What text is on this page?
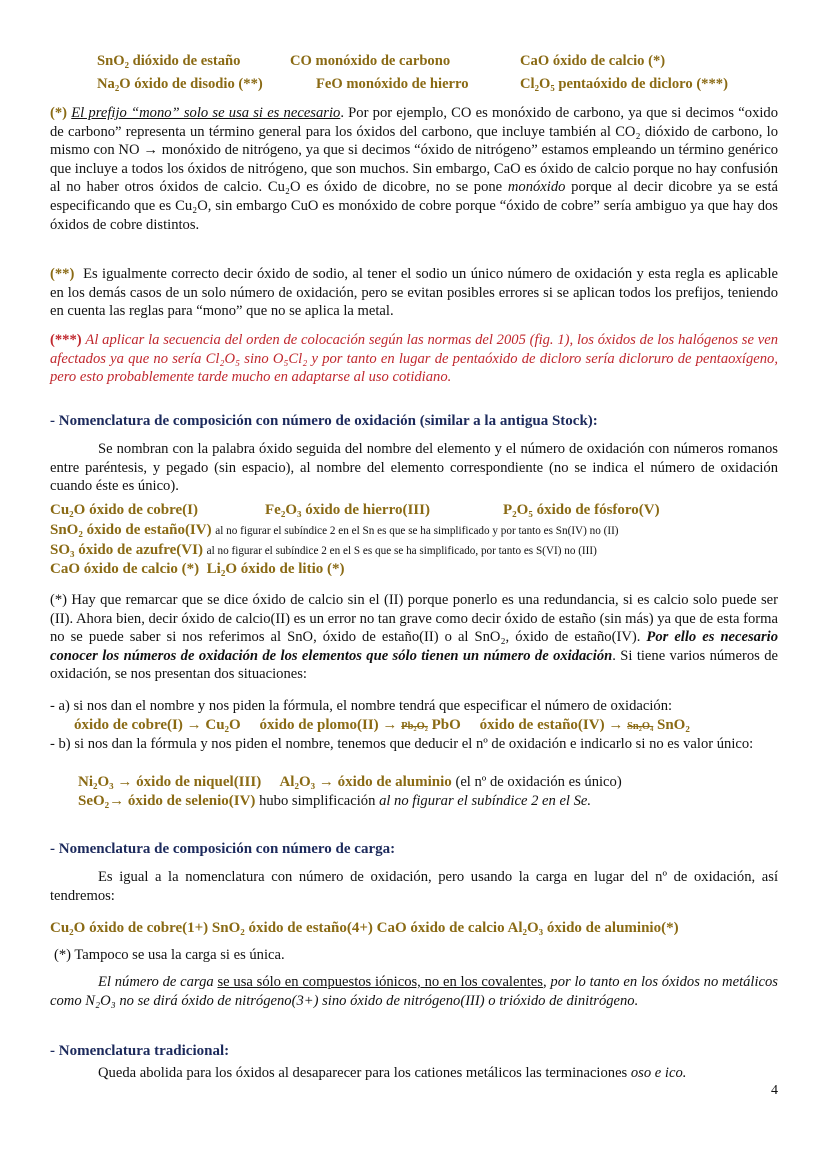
SnO₂ dióxido de estaño	CO monóxido de carbono	CaO óxido de calcio (*)
Na₂O óxido de disodio (**)	FeO monóxido de hierro	Cl₂O₅ pentaóxido de dicloro (***)
(*) El prefijo “mono” solo se usa si es necesario. Por por ejemplo, CO es monóxido de carbono, ya que si decimos “oxido de carbono” representa un término general para los óxidos del carbono, que incluye también al CO₂ dióxido de carbono, lo mismo con NO → monóxido de nitrógeno, ya que si decimos “óxido de nitrógeno” estamos empleando un término genérico que incluye a todos los óxidos de nitrógeno, que son muchos. Sin embargo, CaO es óxido de calcio porque no hay confusión al no haber otros óxidos de calcio. Cu₂O es óxido de dicobre, no se pone monóxido porque al decir dicobre ya se está especificando que es Cu₂O, sin embargo CuO es monóxido de cobre porque “óxido de cobre” sería ambiguo ya que hay dos óxidos de cobre distintos.
(**) Es igualmente correcto decir óxido de sodio, al tener el sodio un único número de oxidación y esta regla es aplicable en los demás casos de un solo número de oxidación, pero se evitan posibles errores si se aplican todos los prefijos, teniendo en cuenta las reglas para “mono” que no se aplica la metal.
(***) Al aplicar la secuencia del orden de colocación según las normas del 2005 (fig. 1), los óxidos de los halógenos se ven afectados ya que no sería Cl₂O₅ sino O₅Cl₂ y por tanto en lugar de pentaóxido de dicloro sería dicloruro de pentaoxígeno, pero esto probablemente tarde mucho en adaptarse al uso cotidiano.
- Nomenclatura de composición con número de oxidación (similar a la antigua Stock):
Se nombran con la palabra óxido seguida del nombre del elemento y el número de oxidación con números romanos entre paréntesis, y pegado (sin espacio), al nombre del elemento correspondiente (no se indica el número de oxidación cuando éste es único).
Cu₂O óxido de cobre(I)	Fe₂O₃ óxido de hierro(III)	P₂O₅ óxido de fósforo(V)
SnO₂ óxido de estaño(IV) al no figurar el subíndice 2 en el Sn es que se ha simplificado y por tanto es Sn(IV) no (II)
SO₃ óxido de azufre(VI) al no figurar el subíndice 2 en el S es que se ha simplificado, por tanto es S(VI) no (III)
CaO óxido de calcio (*) Li₂O óxido de litio (*)
(*) Hay que remarcar que se dice óxido de calcio sin el (II) porque ponerlo es una redundancia, si es calcio solo puede ser (II). Ahora bien, decir óxido de calcio(II) es un error no tan grave como decir óxido de estaño (sin más) ya que de esta forma no se puede saber si nos referimos al SnO, óxido de estaño(II) o al SnO₂, óxido de estaño(IV). Por ello es necesario conocer los números de oxidación de los elementos que sólo tienen un número de oxidación. Si tiene varios números de oxidación, se nos presentan dos situaciones:
- a) si nos dan el nombre y nos piden la fórmula, el nombre tendrá que especificar el número de oxidación:
óxido de cobre(I) → Cu₂O óxido de plomo(II) → Pb₂O₂ PbO óxido de estaño(IV) → Sn₂O₄ SnO₂
- b) si nos dan la fórmula y nos piden el nombre, tenemos que deducir el nº de oxidación e indicarlo si no es valor único:
Ni₂O₃ → óxido de niquel(III) Al₂O₃ → óxido de aluminio (el nº de oxidación es único)
SeO₂→ óxido de selenio(IV) hubo simplificación al no figurar el subíndice 2 en el Se.
- Nomenclatura de composición con número de carga:
Es igual a la nomenclatura con número de oxidación, pero usando la carga en lugar del nº de oxidación, así tendremos:
Cu₂O óxido de cobre(1+) SnO₂ óxido de estaño(4+) CaO óxido de calcio Al₂O₃ óxido de aluminio(*)
(*) Tampoco se usa la carga si es única.
El número de carga se usa sólo en compuestos iónicos, no en los covalentes, por lo tanto en los óxidos no metálicos como N₂O₃ no se dirá óxido de nitrógeno(3+) sino óxido de nitrógeno(III) o trióxido de dinitrógeno.
- Nomenclatura tradicional:
Queda abolida para los óxidos al desaparecer para los cationes metálicos las terminaciones oso e ico.
4
